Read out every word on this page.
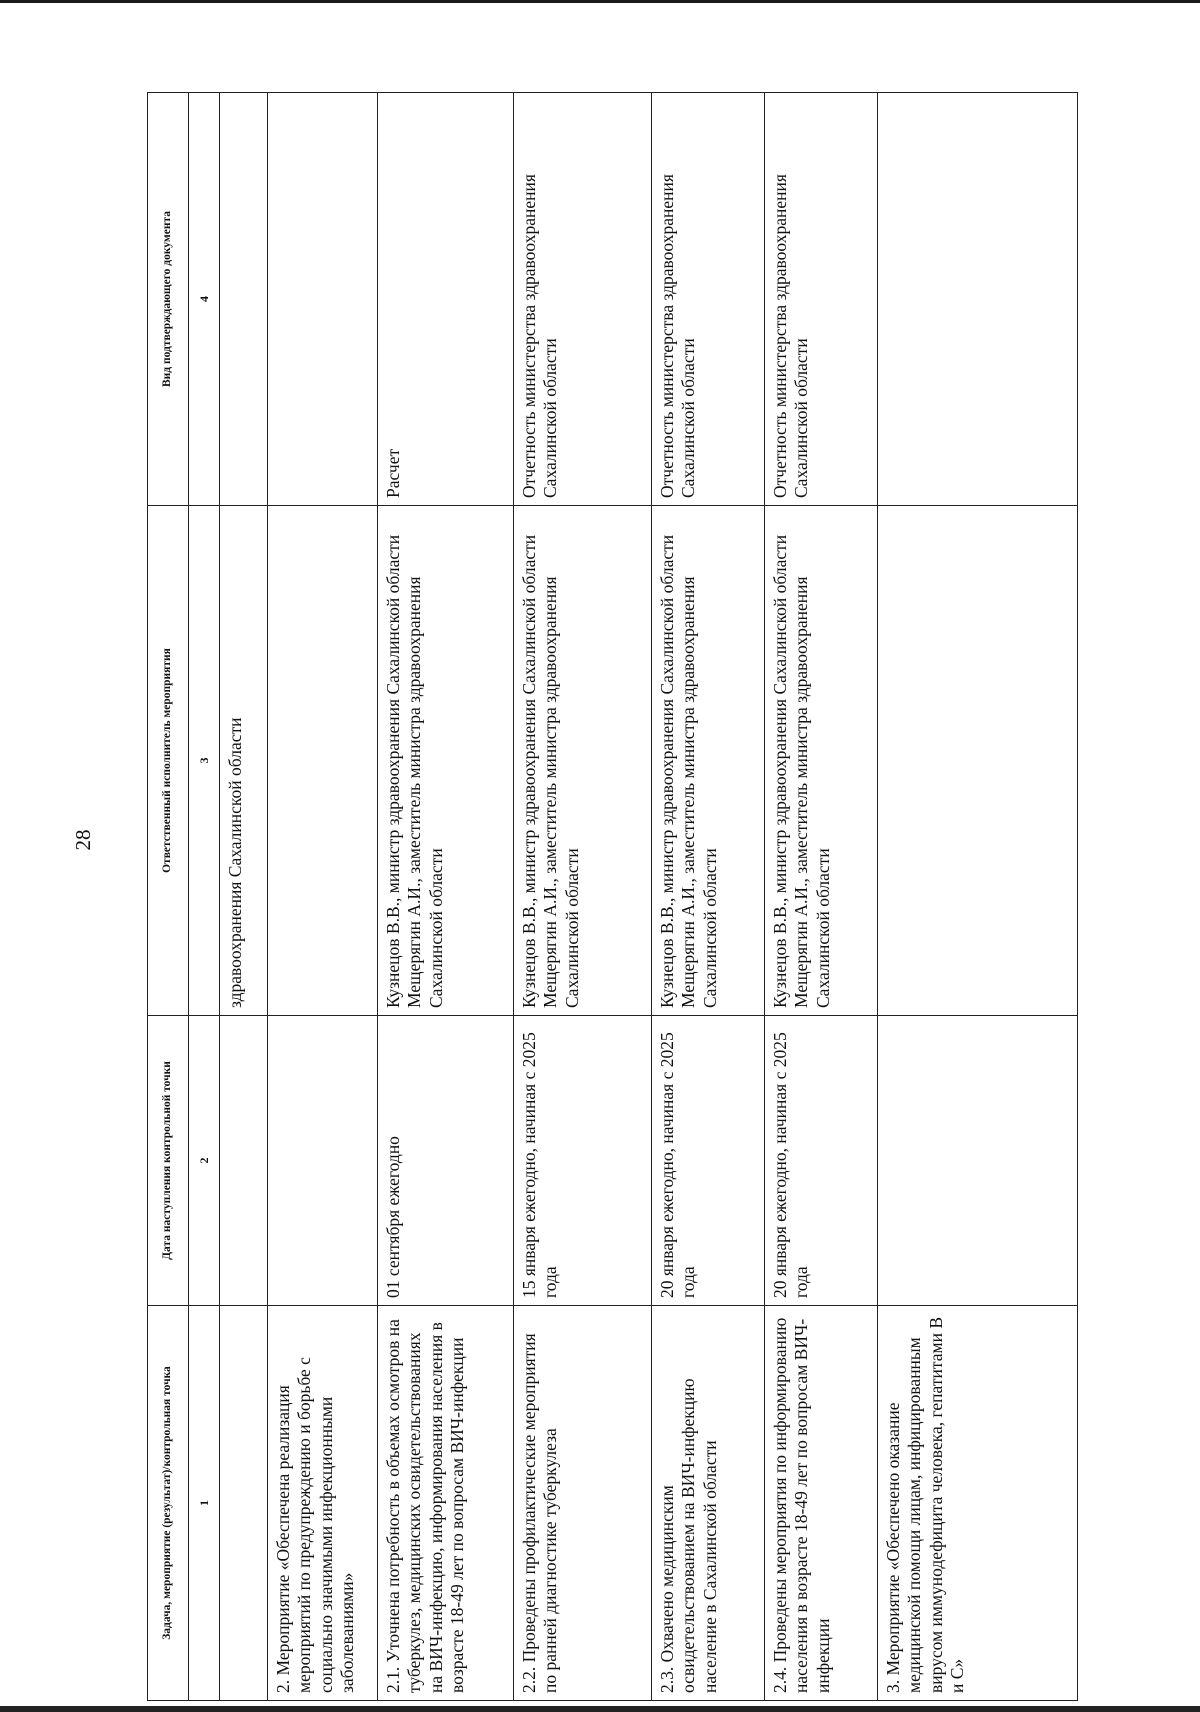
28
Задача, мероприятие (результат)/контрольная точка	Дата наступления контрольной точки	Ответственный исполнитель мероприятия	Вид подтверждающего документа
1	2	3	4
		здравоохранения Сахалинской области	
2. Мероприятие «Обеспечена реализация мероприятий по предупреждению и борьбе с социально значимыми инфекционными заболеваниями»			
2.1. Уточнена потребность в объемах осмотров на туберкулез, медицинских освидетельствованиях на ВИЧ-инфекцию, информирования населения в возрасте 18-49 лет по вопросам ВИЧ-инфекции	01 сентября ежегодно	Кузнецов В.В., министр здравоохранения Сахалинской области Мещерягин А.И., заместитель министра здравоохранения Сахалинской области	Расчет
2.2. Проведены профилактические мероприятия по ранней диагностике туберкулеза	15 января ежегодно, начиная с 2025 года	Кузнецов В.В., министр здравоохранения Сахалинской области Мещерягин А.И., заместитель министра здравоохранения Сахалинской области	Отчетность министерства здравоохранения Сахалинской области
2.3. Охвачено медицинским освидетельствованием на ВИЧ-инфекцию население в Сахалинской области	20 января ежегодно, начиная с 2025 года	Кузнецов В.В., министр здравоохранения Сахалинской области Мещерягин А.И., заместитель министра здравоохранения Сахалинской области	Отчетность министерства здравоохранения Сахалинской области
2.4. Проведены мероприятия по информированию населения в возрасте 18-49 лет по вопросам ВИЧ-инфекции	20 января ежегодно, начиная с 2025 года	Кузнецов В.В., министр здравоохранения Сахалинской области Мещерягин А.И., заместитель министра здравоохранения Сахалинской области	Отчетность министерства здравоохранения Сахалинской области
3. Мероприятие «Обеспечено оказание медицинской помощи лицам, инфицированным вирусом иммунодефицита человека, гепатитами В и С»			
